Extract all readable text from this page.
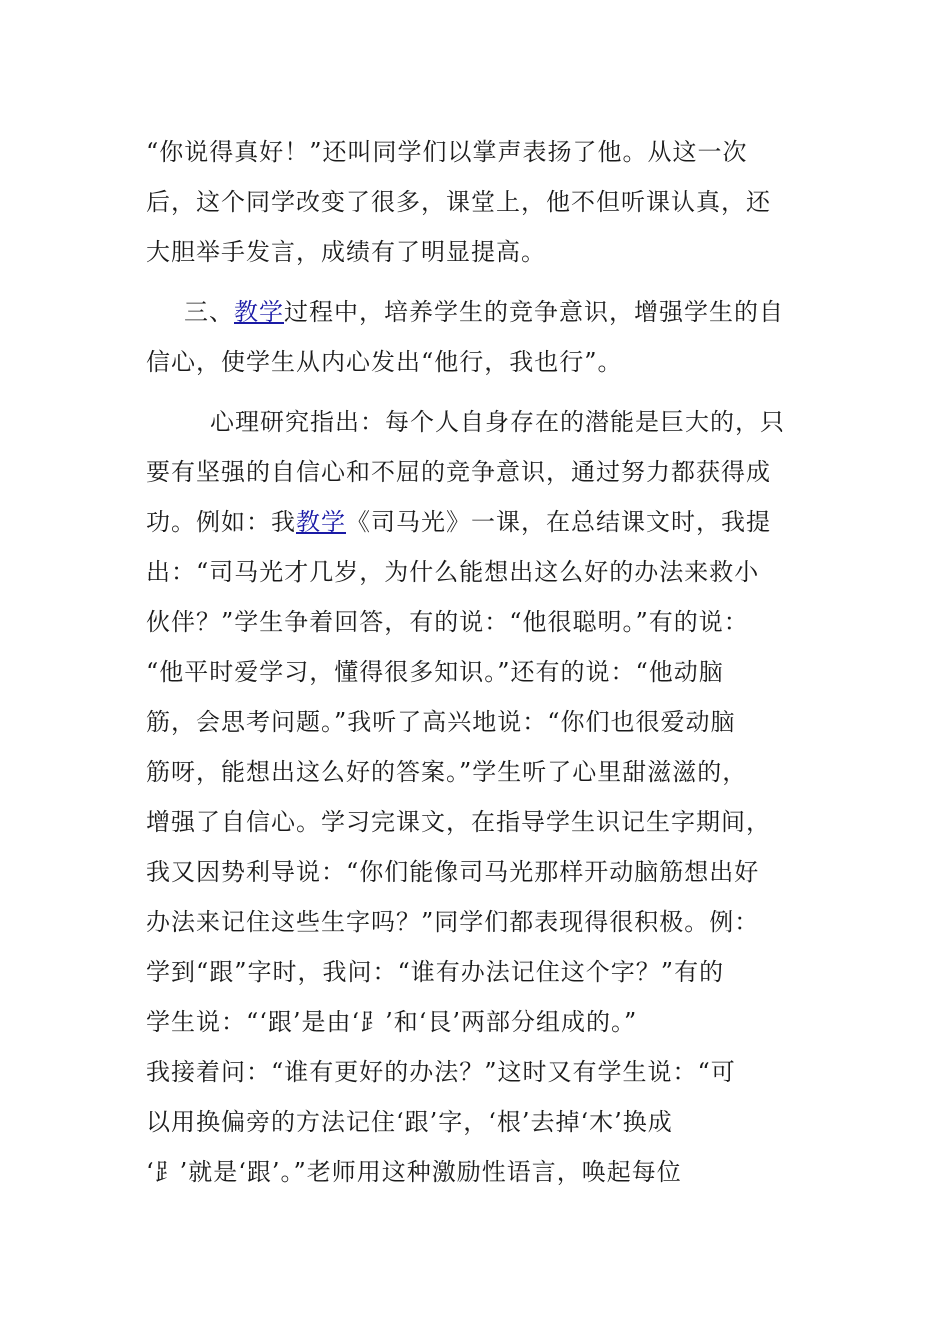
“你说得真好！”还叫同学们以掌声表扬了他。从这一次
后，这个同学改变了很多，课堂上，他不但听课认真，还
大胆举手发言，成绩有了明显提高。
三、教学过程中，培养学生的竞争意识，增强学生的自
信心，使学生从内心发出“他行，我也行”。
心理研究指出：每个人自身存在的潜能是巨大的，只
要有坚强的自信心和不屈的竞争意识，通过努力都获得成
功。例如：我教学《司马光》一课，在总结课文时，我提
出：“司马光才几岁，为什么能想出这么好的办法来救小
伙伴？”学生争着回答，有的说：“他很聪明。”有的说：
“他平时爱学习，懂得很多知识。”还有的说：“他动脑
筋，会思考问题。”我听了高兴地说：“你们也很爱动脑
筋呀，能想出这么好的答案。”学生听了心里甜滋滋的，
增强了自信心。学习完课文，在指导学生识记生字期间，
我又因势利导说：“你们能像司马光那样开动脑筋想出好
办法来记住这些生字吗？”同学们都表现得很积极。例：
学到“跟”字时，我问：“谁有办法记住这个字？”有的
学生说：“‘跟’是由‘⻊’和‘艮’两部分组成的。”
我接着问：“谁有更好的办法？”这时又有学生说：“可
以用换偏旁的方法记住‘跟’字，‘根’去掉‘木’换成
‘⻊’就是‘跟’。”老师用这种激励性语言，唤起每位
